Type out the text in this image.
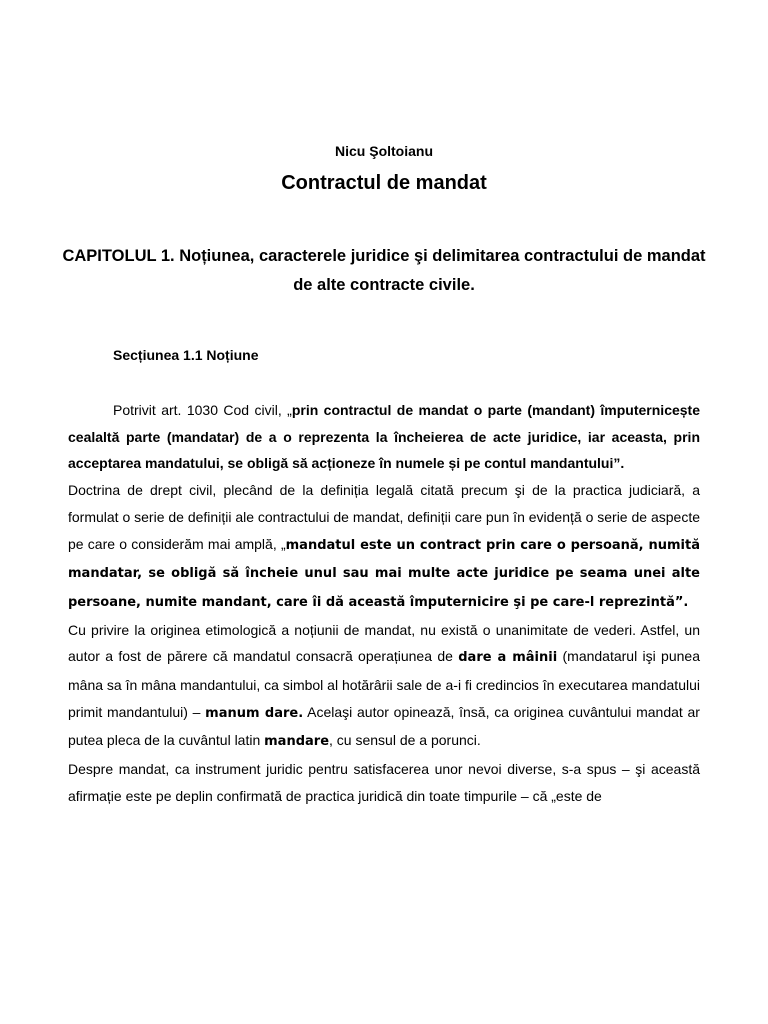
Nicu Şoltoianu
Contractul de mandat
CAPITOLUL 1. Noțiunea, caracterele juridice şi delimitarea contractului de mandat de alte contracte civile.
Secțiunea 1.1 Noțiune

Potrivit art. 1030 Cod civil, „prin contractul de mandat o parte (mandant) împuternicește cealaltă parte (mandatar) de a o reprezenta la încheierea de acte juridice, iar aceasta, prin acceptarea mandatului, se obligă să acționeze în numele și pe contul mandantului”.

Doctrina de drept civil, plecând de la definiția legală citată precum şi de la practica judiciară, a formulat o serie de definiții ale contractului de mandat, definiții care pun în evidență o serie de aspecte pe care o considerăm mai amplă, „mandatul este un contract prin care o persoană, numită mandatar, se obligă să încheie unul sau mai multe acte juridice pe seama unei alte persoane, numite mandant, care îi dă această împuternicire şi pe care-l reprezintă”.

Cu privire la originea etimologică a noțiunii de mandat, nu există o unanimitate de vederi. Astfel, un autor a fost de părere că mandatul consacră operațiunea de dare a mâinii (mandatarul işi punea mâna sa în mâna mandantului, ca simbol al hotărârii sale de a-i fi credincios în executarea mandatului primit mandantului) – manum dare. Acelaşi autor opinează, însă, ca originea cuvântului mandat ar putea pleca de la cuvântul latin mandare, cu sensul de a porunci.

Despre mandat, ca instrument juridic pentru satisfacerea unor nevoi diverse, s-a spus – şi această afirmație este pe deplin confirmată de practica juridică din toate timpurile – că „este de
